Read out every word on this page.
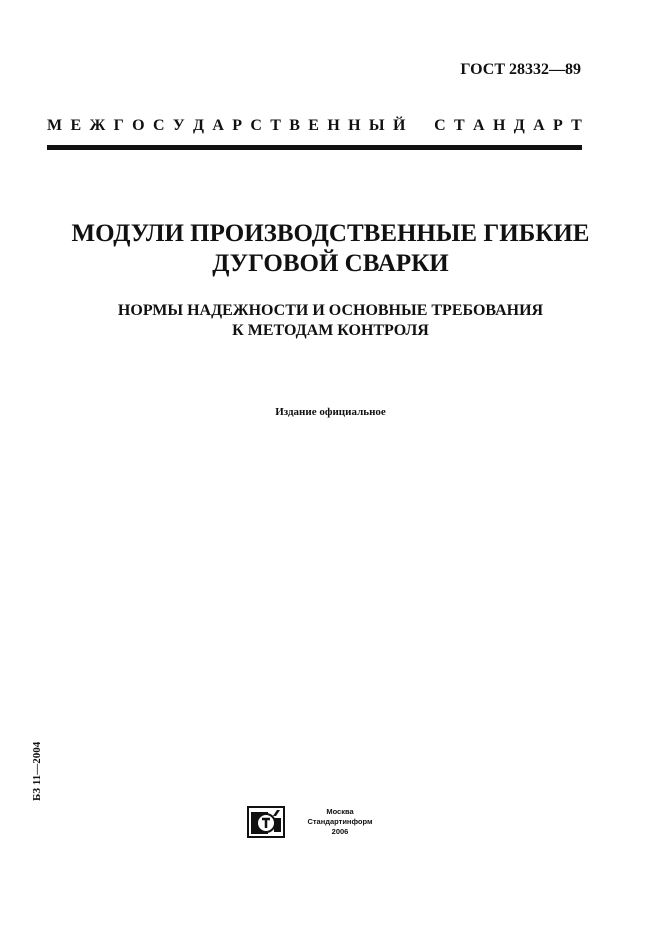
ГОСТ 28332—89
М Е Ж Г О С У Д А Р С Т В Е Н Н Ы Й С Т А Н Д А Р Т
МОДУЛИ ПРОИЗВОДСТВЕННЫЕ ГИБКИЕ
ДУГОВОЙ СВАРКИ
НОРМЫ НАДЕЖНОСТИ И ОСНОВНЫЕ ТРЕБОВАНИЯ
К МЕТОДАМ КОНТРОЛЯ
Издание официальное
БЗ 11—2004
Москва
Стандартинформ
2006
